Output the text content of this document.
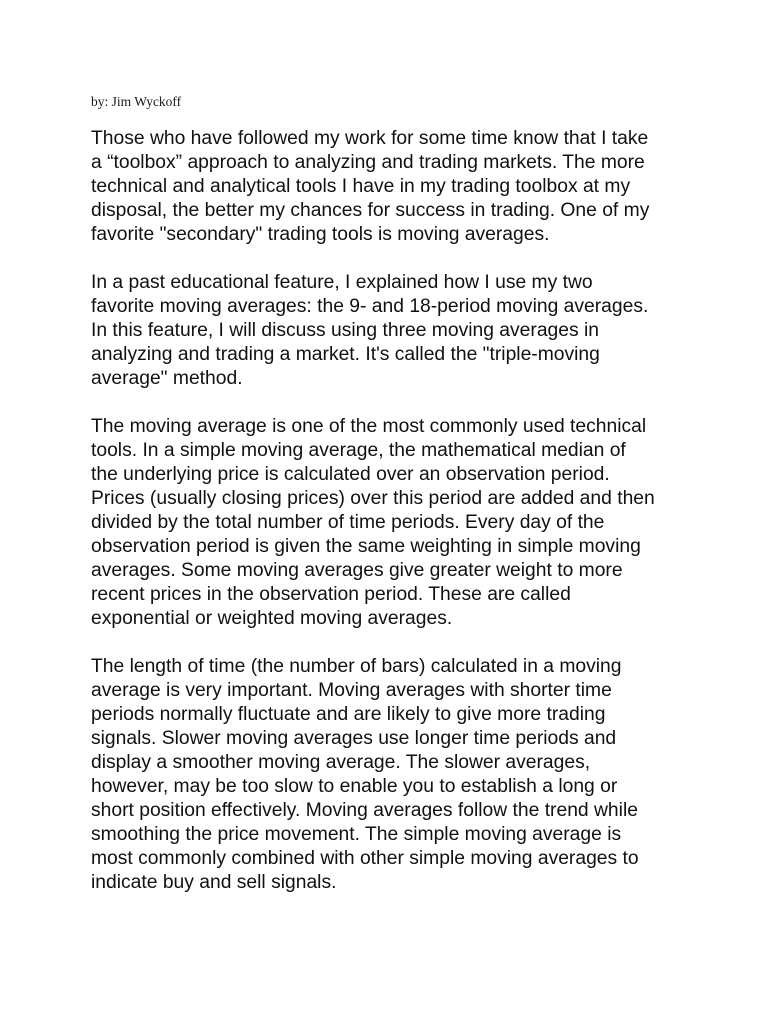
by: Jim Wyckoff

Those who have followed my work for some time know that I take
a “toolbox” approach to analyzing and trading markets. The more
technical and analytical tools I have in my trading toolbox at my
disposal, the better my chances for success in trading. One of my
favorite "secondary" trading tools is moving averages.

In a past educational feature, I explained how I use my two
favorite moving averages: the 9- and 18-period moving averages.
In this feature, I will discuss using three moving averages in
analyzing and trading a market. It's called the "triple-moving
average" method.

The moving average is one of the most commonly used technical
tools. In a simple moving average, the mathematical median of
the underlying price is calculated over an observation period.
Prices (usually closing prices) over this period are added and then
divided by the total number of time periods. Every day of the
observation period is given the same weighting in simple moving
averages. Some moving averages give greater weight to more
recent prices in the observation period. These are called
exponential or weighted moving averages.

The length of time (the number of bars) calculated in a moving
average is very important. Moving averages with shorter time
periods normally fluctuate and are likely to give more trading
signals. Slower moving averages use longer time periods and
display a smoother moving average. The slower averages,
however, may be too slow to enable you to establish a long or
short position effectively. Moving averages follow the trend while
smoothing the price movement. The simple moving average is
most commonly combined with other simple moving averages to
indicate buy and sell signals.
